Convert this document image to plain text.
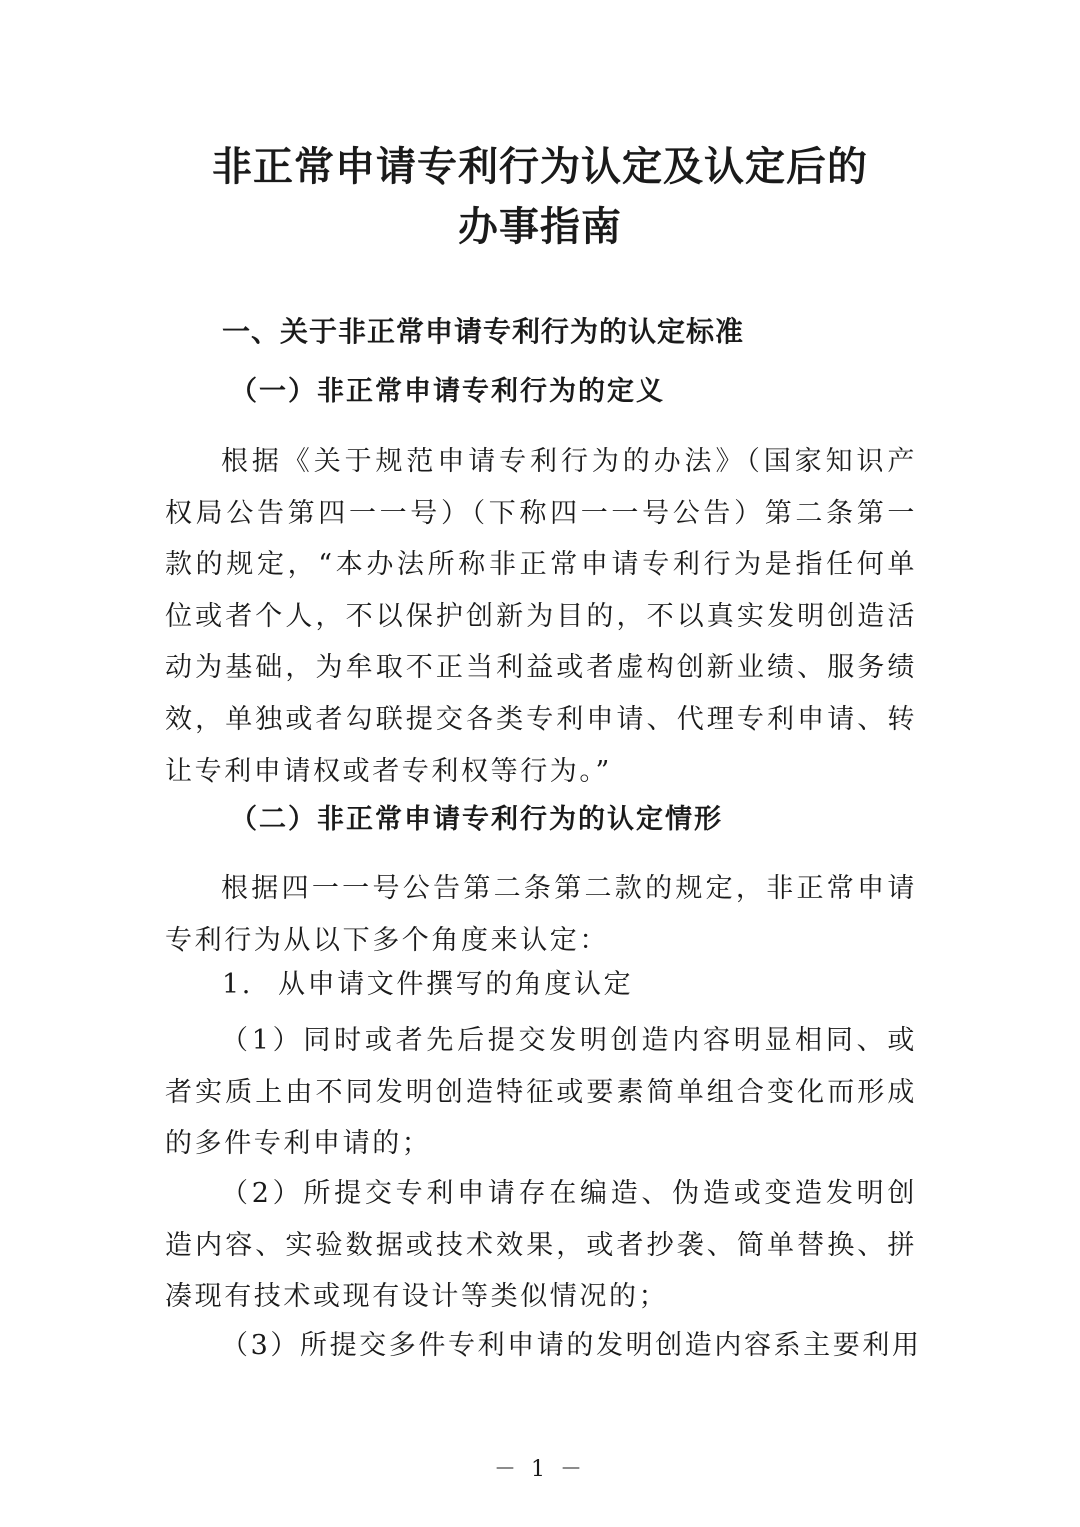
非正常申请专利行为认定及认定后的
办事指南
一、关于非正常申请专利行为的认定标准
（一）非正常申请专利行为的定义

根据《关于规范申请专利行为的办法》（国家知识产权局公告第四一一号）（下称四一一号公告）第二条第一款的规定，“本办法所称非正常申请专利行为是指任何单位或者个人，不以保护创新为目的，不以真实发明创造活动为基础，为牟取不正当利益或者虚构创新业绩、服务绩效，单独或者勾联提交各类专利申请、代理专利申请、转让专利申请权或者专利权等行为。”

（二）非正常申请专利行为的认定情形

根据四一一号公告第二条第二款的规定，非正常申请专利行为从以下多个角度来认定：

1. 从申请文件撰写的角度认定

（1）同时或者先后提交发明创造内容明显相同、或者实质上由不同发明创造特征或要素简单组合变化而形成的多件专利申请的；

（2）所提交专利申请存在编造、伪造或变造发明创造内容、实验数据或技术效果，或者抄袭、简单替换、拼凑现有技术或现有设计等类似情况的；

（3）所提交多件专利申请的发明创造内容系主要利用

－ 1 －
